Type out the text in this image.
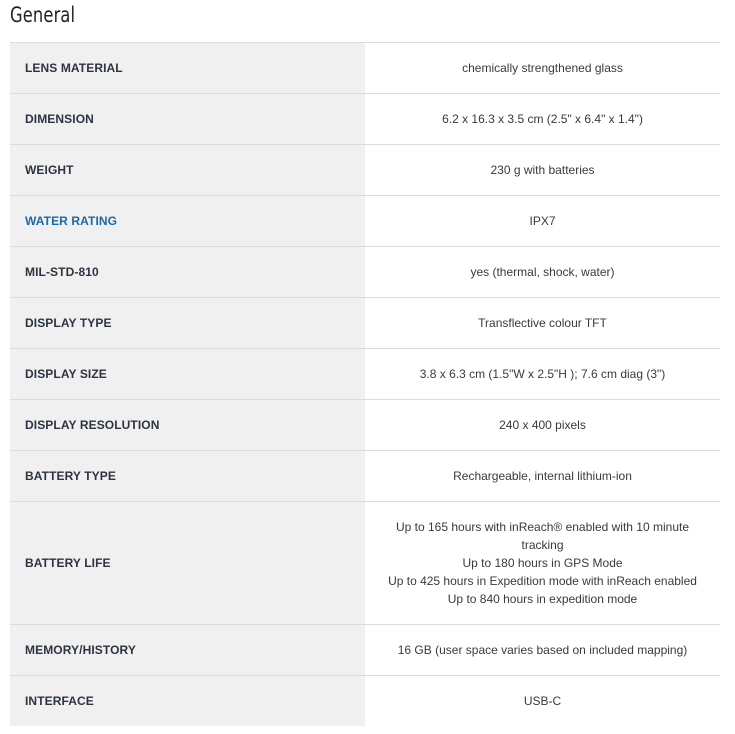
General
LENS MATERIAL	chemically strengthened glass

DIMENSION	6.2 x 16.3 x 3.5 cm (2.5" x 6.4" x 1.4")

WEIGHT	230 g with batteries

WATER RATING	IPX7

MIL-STD-810	yes (thermal, shock, water)

DISPLAY TYPE	Transflective colour TFT

DISPLAY SIZE	3.8 x 6.3 cm (1.5"W x 2.5"H ); 7.6 cm diag (3")

DISPLAY RESOLUTION	240 x 400 pixels

BATTERY TYPE	Rechargeable, internal lithium-ion

BATTERY LIFE	Up to 165 hours with inReach® enabled with 10 minute tracking
Up to 180 hours in GPS Mode
Up to 425 hours in Expedition mode with inReach enabled
Up to 840 hours in expedition mode

MEMORY/HISTORY	16 GB (user space varies based on included mapping)

INTERFACE	USB-C
